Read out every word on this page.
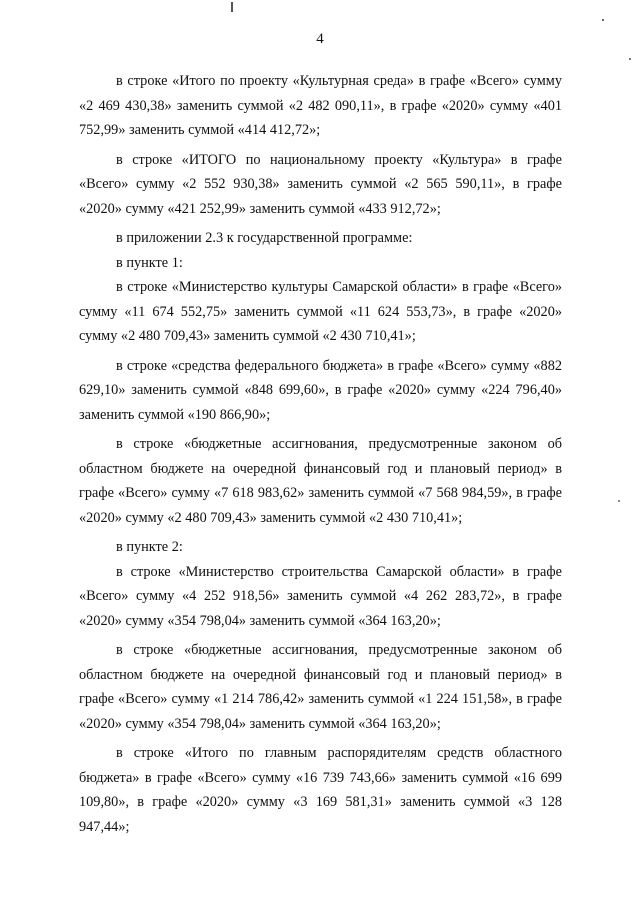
4

в строке «Итого по проекту «Культурная среда» в графе «Всего» сумму «2 469 430,38» заменить суммой «2 482 090,11», в графе «2020» сумму «401 752,99» заменить суммой «414 412,72»;

в строке «ИТОГО по национальному проекту «Культура» в графе «Всего» сумму «2 552 930,38» заменить суммой «2 565 590,11», в графе «2020» сумму «421 252,99» заменить суммой «433 912,72»;

в приложении 2.3 к государственной программе:

в пункте 1:

в строке «Министерство культуры Самарской области» в графе «Всего» сумму «11 674 552,75» заменить суммой «11 624 553,73», в графе «2020» сумму «2 480 709,43» заменить суммой «2 430 710,41»;

в строке «средства федерального бюджета» в графе «Всего» сумму «882 629,10» заменить суммой «848 699,60», в графе «2020» сумму «224 796,40» заменить суммой «190 866,90»;

в строке «бюджетные ассигнования, предусмотренные законом об областном бюджете на очередной финансовый год и плановый период» в графе «Всего» сумму «7 618 983,62» заменить суммой «7 568 984,59», в графе «2020» сумму «2 480 709,43» заменить суммой «2 430 710,41»;

в пункте 2:

в строке «Министерство строительства Самарской области» в графе «Всего» сумму «4 252 918,56» заменить суммой «4 262 283,72», в графе «2020» сумму «354 798,04» заменить суммой «364 163,20»;

в строке «бюджетные ассигнования, предусмотренные законом об областном бюджете на очередной финансовый год и плановый период» в графе «Всего» сумму «1 214 786,42» заменить суммой «1 224 151,58», в графе «2020» сумму «354 798,04» заменить суммой «364 163,20»;

в строке «Итого по главным распорядителям средств областного бюджета» в графе «Всего» сумму «16 739 743,66» заменить суммой «16 699 109,80», в графе «2020» сумму «3 169 581,31» заменить суммой «3 128 947,44»;
